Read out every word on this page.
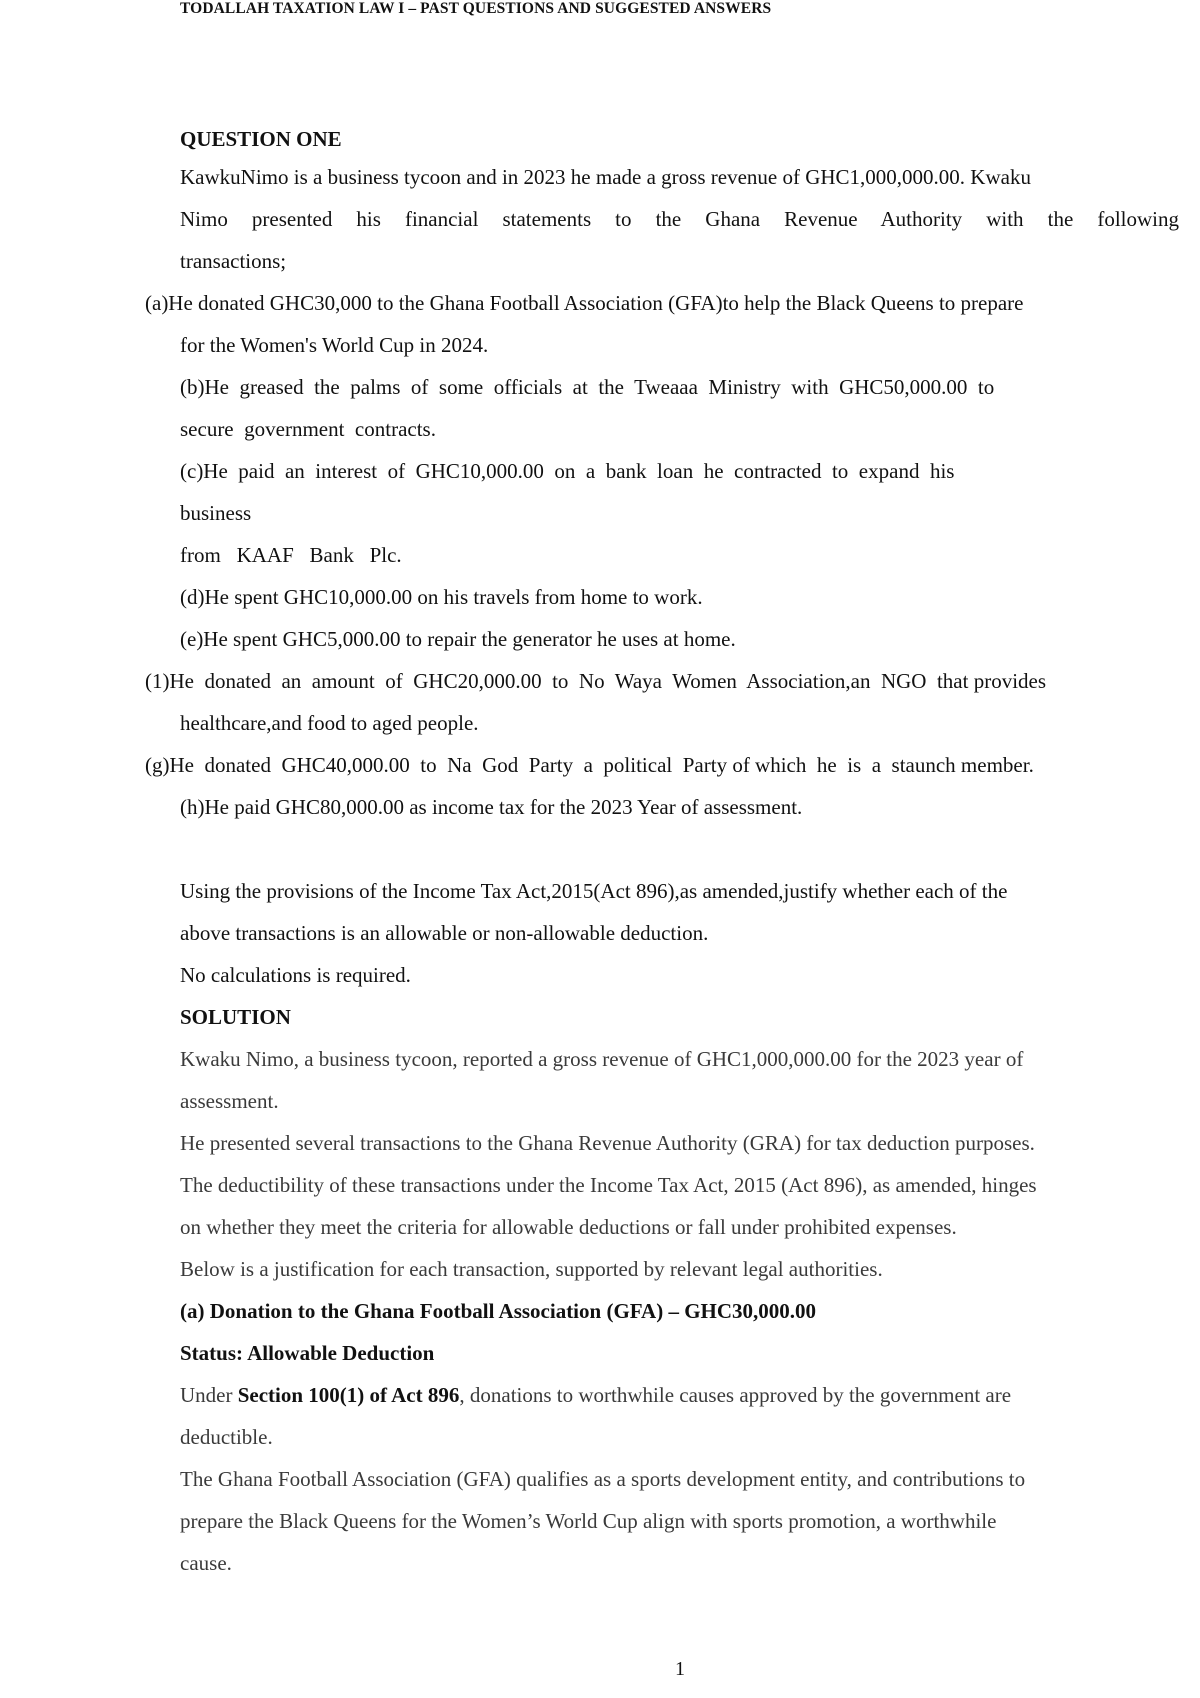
TODALLAH TAXATION LAW I – PAST QUESTIONS AND SUGGESTED ANSWERS
QUESTION ONE
KawkuNimo is a business tycoon and in 2023 he made a gross revenue of GHC1,000,000.00. Kwaku
Nimo presented his financial statements to the Ghana Revenue Authority with the following
transactions;
(a)He donated GHC30,000 to the Ghana Football Association (GFA)to help the Black Queens to prepare
for the Women's World Cup in 2024.
(b)He  greased  the  palms  of  some  officials  at  the  Tweaaa  Ministry  with  GHC50,000.00  to
secure  government  contracts.
(c)He  paid  an  interest  of  GHC10,000.00  on  a  bank  loan  he  contracted  to  expand  his
business
from   KAAF   Bank   Plc.
(d)He spent GHC10,000.00 on his travels from home to work.
(e)He spent GHC5,000.00 to repair the generator he uses at home.
(1)He  donated  an  amount  of  GHC20,000.00  to  No  Waya  Women  Association,an  NGO  that provides
healthcare,and food to aged people.
(g)He  donated  GHC40,000.00  to  Na  God  Party  a  political  Party of which  he  is  a  staunch member.
(h)He paid GHC80,000.00 as income tax for the 2023 Year of assessment.
Using the provisions of the Income Tax Act,2015(Act 896),as amended,justify whether each of the
above transactions is an allowable or non-allowable deduction.
No calculations is required.
SOLUTION
Kwaku Nimo, a business tycoon, reported a gross revenue of GHC1,000,000.00 for the 2023 year of
assessment.
He presented several transactions to the Ghana Revenue Authority (GRA) for tax deduction purposes.
The deductibility of these transactions under the Income Tax Act, 2015 (Act 896), as amended, hinges
on whether they meet the criteria for allowable deductions or fall under prohibited expenses.
Below is a justification for each transaction, supported by relevant legal authorities.
(a) Donation to the Ghana Football Association (GFA) – GHC30,000.00
Status: Allowable Deduction
Under Section 100(1) of Act 896, donations to worthwhile causes approved by the government are
deductible.
The Ghana Football Association (GFA) qualifies as a sports development entity, and contributions to
prepare the Black Queens for the Women’s World Cup align with sports promotion, a worthwhile
cause.
1
